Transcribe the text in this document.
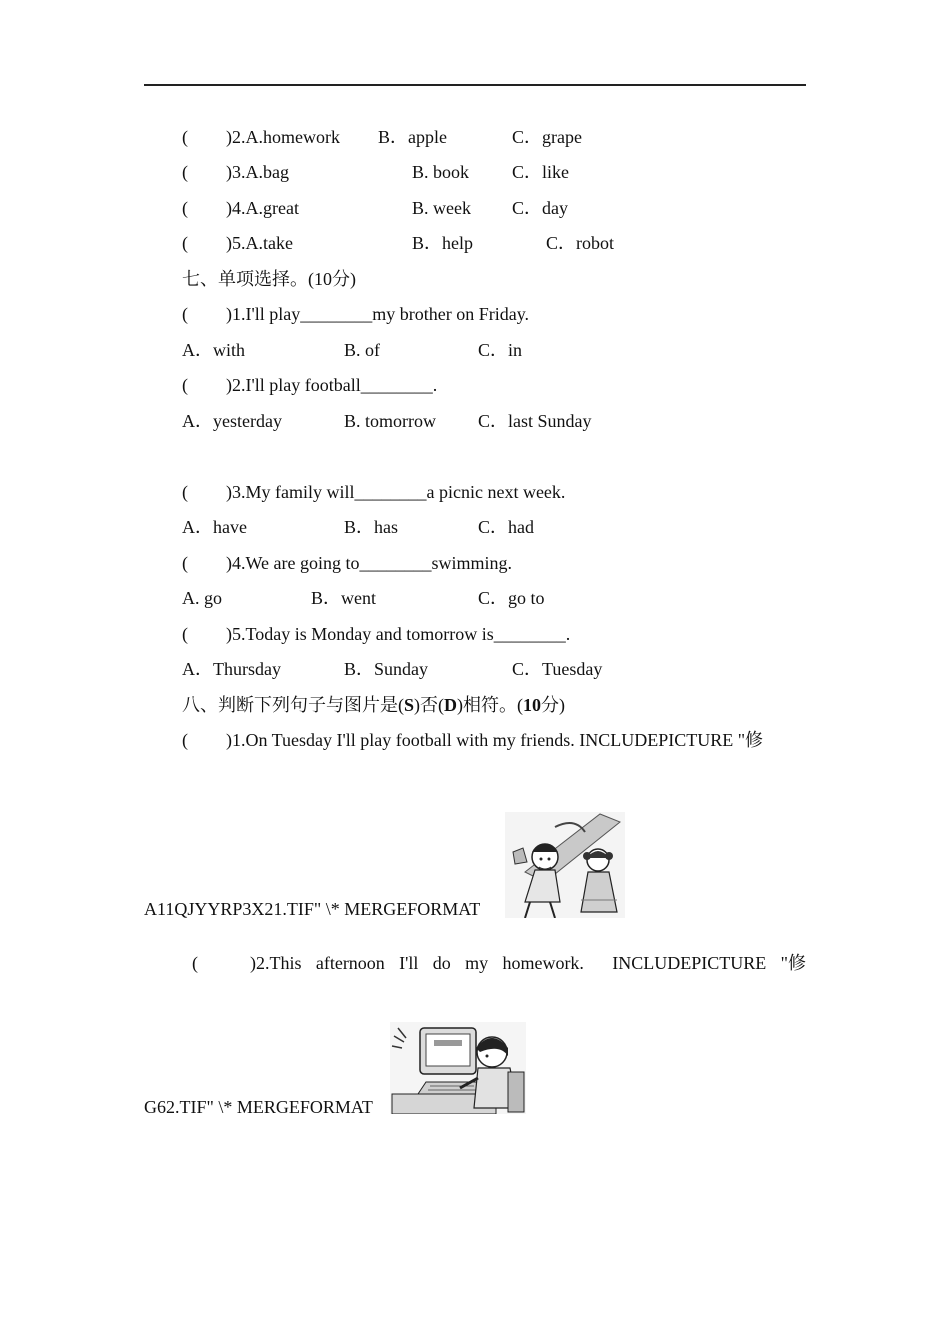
( )2.A.homework B．apple	C．grape
( )3.A.bag	B. book C．like
( )4.A.great	B. week C．day
( )5.A.take	B．help	C．robot
七、单项选择。(10分)
( )1.I'll play________my brother on Friday.
A．with	B. of	C．in
( )2.I'll play football________.
A．yesterday	B. tomorrow C．last Sunday
( )3.My family will________a picnic next week.
A．have	B．has	C．had
( )4.We are going to________swimming.
A. go	B．went	C．go to
( )5.Today is Monday and tomorrow is________.
A．Thursday	B．Sunday	C．Tuesday
八、判断下列句子与图片是(S)否(D)相符。(10分)
( )1.On Tuesday I'll play football with my friends. INCLUDEPICTURE "修
A11QJYYRP3X21.TIF" \* MERGEFORMAT
(	)2.This afternoon I'll do my homework. INCLUDEPICTURE "修
G62.TIF" \* MERGEFORMAT
